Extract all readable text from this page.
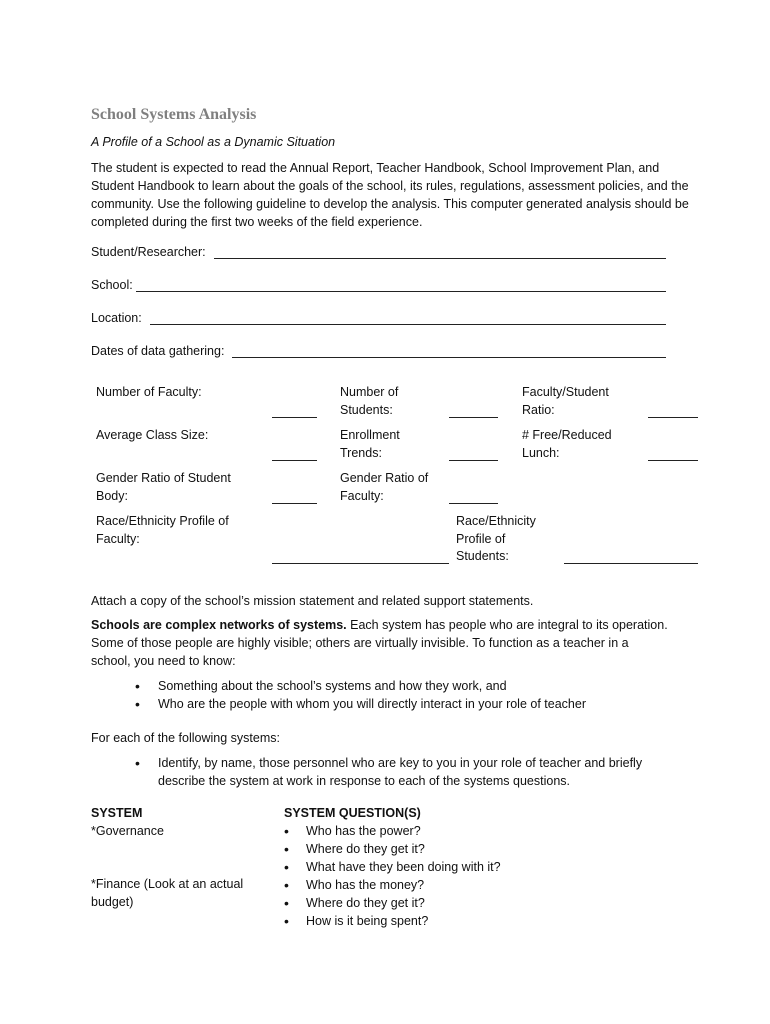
School Systems Analysis
A Profile of a School as a Dynamic Situation
The student is expected to read the Annual Report, Teacher Handbook, School Improvement Plan, and Student Handbook to learn about the goals of the school, its rules, regulations, assessment policies, and the community. Use the following guideline to develop the analysis. This computer generated analysis should be completed during the first two weeks of the field experience.
Student/Researcher:
School:
Location:
Dates of data gathering:
Number of Faculty:	Number of Students:
Faculty/Student Ratio:
Average Class Size:	Enrollment Trends:
# Free/Reduced Lunch:
Gender Ratio of Student Body:
Gender Ratio of Faculty:
Race/Ethnicity Profile of Faculty:
Race/Ethnicity Profile of Students:
Attach a copy of the school’s mission statement and related support statements.
Schools are complex networks of systems. Each system has people who are integral to its operation. Some of those people are highly visible; others are virtually invisible. To function as a teacher in a school, you need to know:
• Something about the school’s systems and how they work, and
• Who are the people with whom you will directly interact in your role of teacher
For each of the following systems:
• Identify, by name, those personnel who are key to you in your role of teacher and briefly describe the system at work in response to each of the systems questions.
SYSTEM	SYSTEM QUESTION(S)
*Governance
•	Who has the power?
• Where do they get it?
• What have they been doing with it?
*Finance (Look at an actual budget)
• Who has the money?
• Where do they get it?
• How is it being spent?
